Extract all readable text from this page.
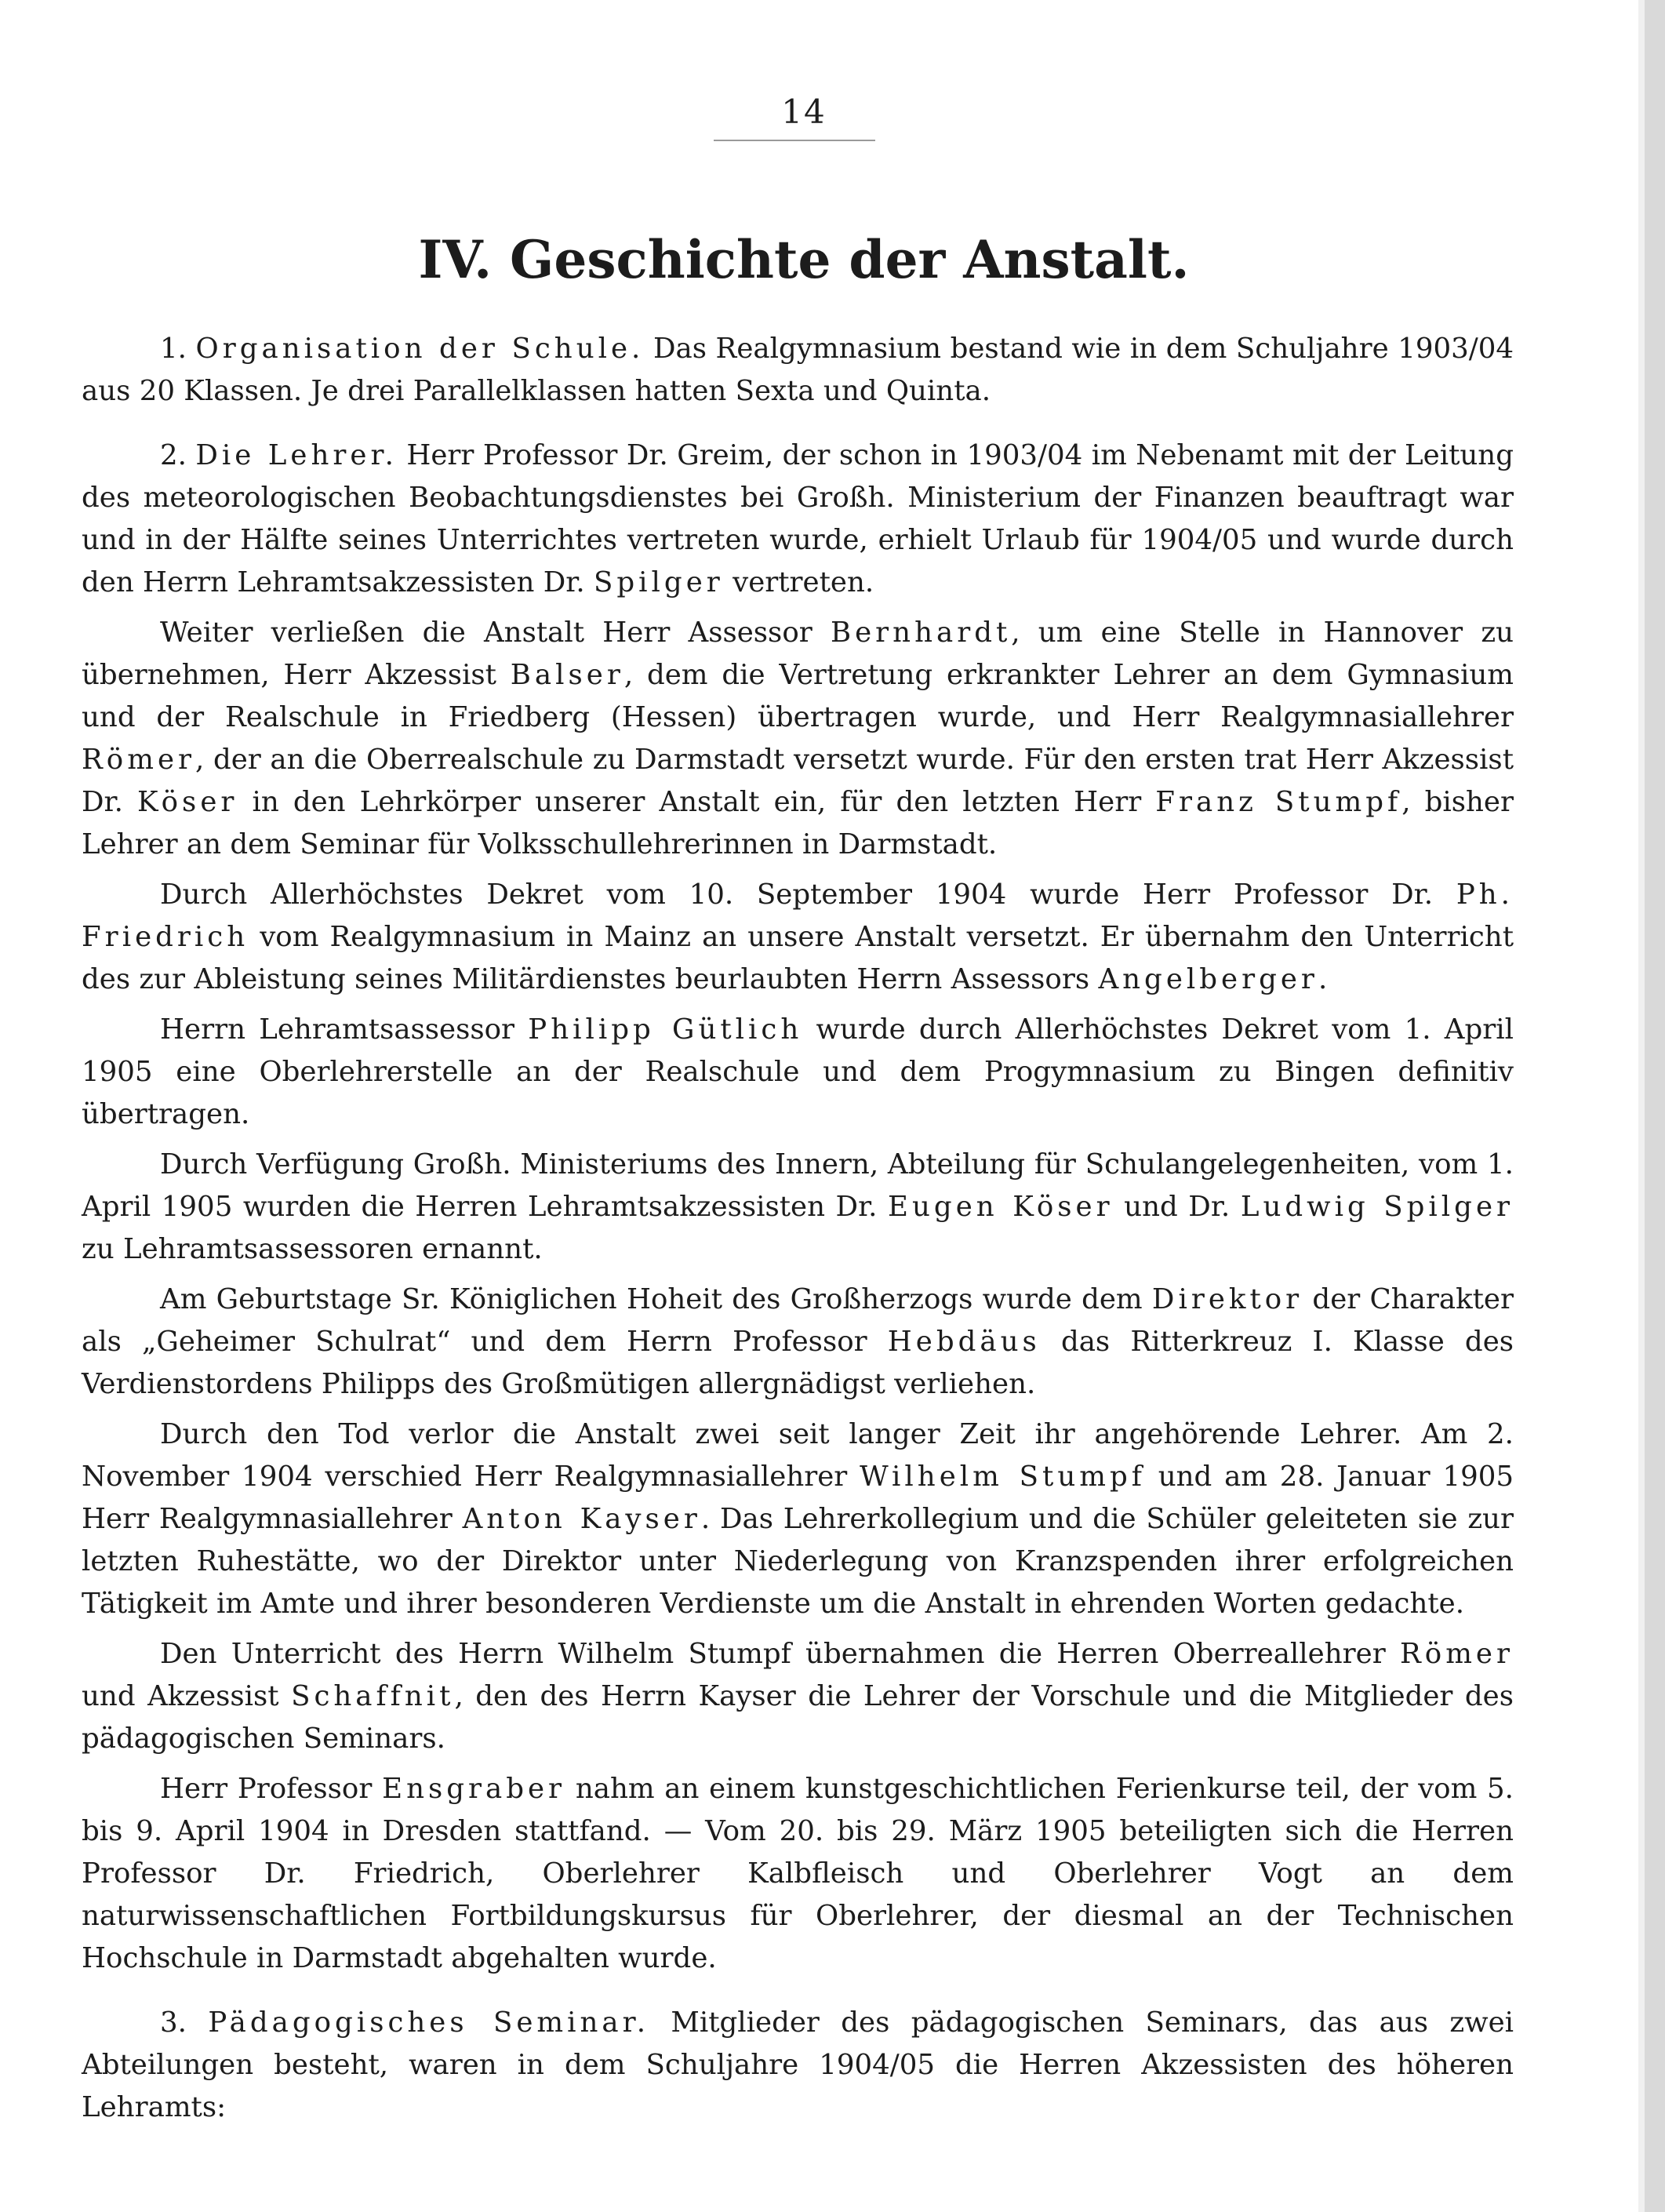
14
IV. Geschichte der Anstalt.

1. Organisation der Schule. Das Realgymnasium bestand wie in dem Schuljahre 1903/04 aus 20 Klassen. Je drei Parallelklassen hatten Sexta und Quinta.

2. Die Lehrer. Herr Professor Dr. Greim, der schon in 1903/04 im Nebenamt mit der Leitung des meteorologischen Beobachtungsdienstes bei Großh. Ministerium der Finanzen beauftragt war und in der Hälfte seines Unterrichtes vertreten wurde, erhielt Urlaub für 1904/05 und wurde durch den Herrn Lehramtsakzessisten Dr. Spilger vertreten.

Weiter verließen die Anstalt Herr Assessor Bernhardt, um eine Stelle in Hannover zu übernehmen, Herr Akzessist Balser, dem die Vertretung erkrankter Lehrer an dem Gymnasium und der Realschule in Friedberg (Hessen) übertragen wurde, und Herr Realgymnasiallehrer Römer, der an die Oberrealschule zu Darmstadt versetzt wurde. Für den ersten trat Herr Akzessist Dr. Köser in den Lehrkörper unserer Anstalt ein, für den letzten Herr Franz Stumpf, bisher Lehrer an dem Seminar für Volksschullehrerinnen in Darmstadt.

Durch Allerhöchstes Dekret vom 10. September 1904 wurde Herr Professor Dr. Ph. Friedrich vom Realgymnasium in Mainz an unsere Anstalt versetzt. Er übernahm den Unterricht des zur Ableistung seines Militärdienstes beurlaubten Herrn Assessors Angelberger.

Herrn Lehramtsassessor Philipp Gütlich wurde durch Allerhöchstes Dekret vom 1. April 1905 eine Oberlehrerstelle an der Realschule und dem Progymnasium zu Bingen definitiv übertragen.

Durch Verfügung Großh. Ministeriums des Innern, Abteilung für Schulangelegenheiten, vom 1. April 1905 wurden die Herren Lehramtsakzessisten Dr. Eugen Köser und Dr. Ludwig Spilger zu Lehramtsassessoren ernannt.

Am Geburtstage Sr. Königlichen Hoheit des Großherzogs wurde dem Direktor der Charakter als „Geheimer Schulrat“ und dem Herrn Professor Hebdäus das Ritterkreuz I. Klasse des Verdienstordens Philipps des Großmütigen allergnädigst verliehen.

Durch den Tod verlor die Anstalt zwei seit langer Zeit ihr angehörende Lehrer. Am 2. November 1904 verschied Herr Realgymnasiallehrer Wilhelm Stumpf und am 28. Januar 1905 Herr Realgymnasiallehrer Anton Kayser. Das Lehrerkollegium und die Schüler geleiteten sie zur letzten Ruhestätte, wo der Direktor unter Niederlegung von Kranzspenden ihrer erfolgreichen Tätigkeit im Amte und ihrer besonderen Verdienste um die Anstalt in ehrenden Worten gedachte.

Den Unterricht des Herrn Wilhelm Stumpf übernahmen die Herren Oberreallehrer Römer und Akzessist Schaffnit, den des Herrn Kayser die Lehrer der Vorschule und die Mitglieder des pädagogischen Seminars.

Herr Professor Ensgraber nahm an einem kunstgeschichtlichen Ferienkurse teil, der vom 5. bis 9. April 1904 in Dresden stattfand. — Vom 20. bis 29. März 1905 beteiligten sich die Herren Professor Dr. Friedrich, Oberlehrer Kalbfleisch und Oberlehrer Vogt an dem naturwissenschaftlichen Fortbildungskursus für Oberlehrer, der diesmal an der Technischen Hochschule in Darmstadt abgehalten wurde.

3. Pädagogisches Seminar. Mitglieder des pädagogischen Seminars, das aus zwei Abteilungen besteht, waren in dem Schuljahre 1904/05 die Herren Akzessisten des höheren Lehramts:
